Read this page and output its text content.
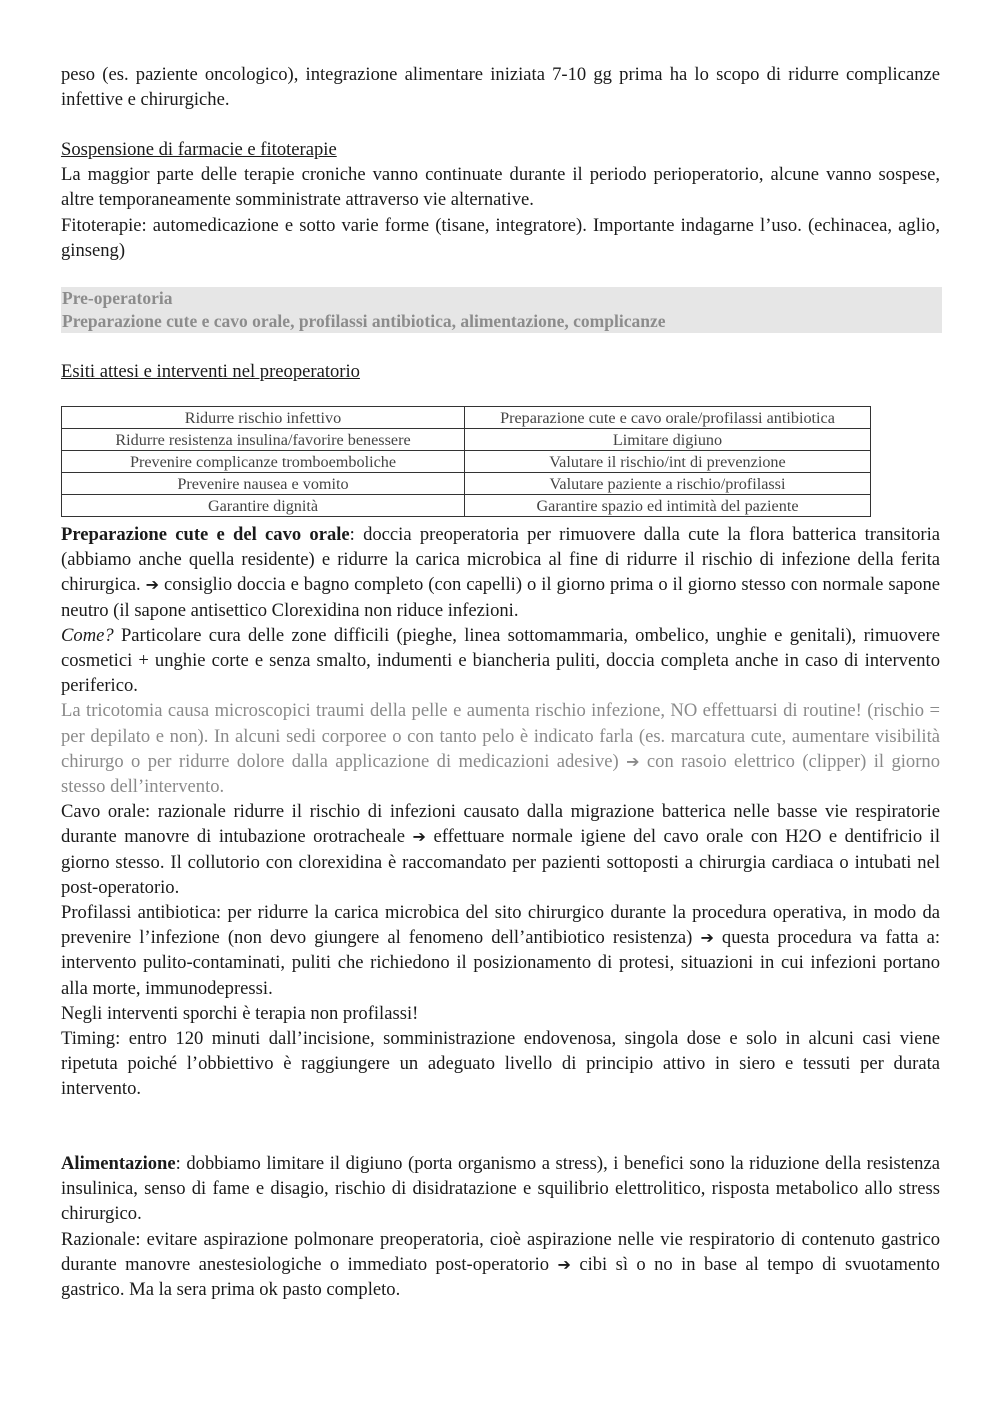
peso (es. paziente oncologico), integrazione alimentare iniziata 7-10 gg prima ha lo scopo di ridurre complicanze infettive e chirurgiche.

Sospensione di farmacie e fitoterapie

La maggior parte delle terapie croniche vanno continuate durante il periodo perioperatorio, alcune vanno sospese, altre temporaneamente somministrate attraverso vie alternative.

Fitoterapie: automedicazione e sotto varie forme (tisane, integratore). Importante indagarne l’uso. (echinacea, aglio, ginseng)

Pre-operatoria
Preparazione cute e cavo orale, profilassi antibiotica, alimentazione, complicanze

Esiti attesi e interventi nel preoperatorio

Ridurre rischio infettivo	Preparazione cute e cavo orale/profilassi antibiotica
Ridurre resistenza insulina/favorire benessere	Limitare digiuno
Prevenire complicanze tromboemboliche	Valutare il rischio/int di prevenzione
Prevenire nausea e vomito	Valutare paziente a rischio/profilassi
Garantire dignità	Garantire spazio ed intimità del paziente

Preparazione cute e del cavo orale: doccia preoperatoria per rimuovere dalla cute la flora batterica transitoria (abbiamo anche quella residente) e ridurre la carica microbica al fine di ridurre il rischio di infezione della ferita chirurgica. ➔ consiglio doccia e bagno completo (con capelli) o il giorno prima o il giorno stesso con normale sapone neutro (il sapone antisettico Clorexidina non riduce infezioni.

Come? Particolare cura delle zone difficili (pieghe, linea sottomammaria, ombelico, unghie e genitali), rimuovere cosmetici + unghie corte e senza smalto, indumenti e biancheria puliti, doccia completa anche in caso di intervento periferico.

La tricotomia causa microscopici traumi della pelle e aumenta rischio infezione, NO effettuarsi di routine! (rischio = per depilato e non). In alcuni sedi corporee o con tanto pelo è indicato farla (es. marcatura cute, aumentare visibilità chirurgo o per ridurre dolore dalla applicazione di medicazioni adesive) ➔ con rasoio elettrico (clipper) il giorno stesso dell’intervento.

Cavo orale: razionale ridurre il rischio di infezioni causato dalla migrazione batterica nelle basse vie respiratorie durante manovre di intubazione orotracheale ➔ effettuare normale igiene del cavo orale con H2O e dentifricio il giorno stesso. Il collutorio con clorexidina è raccomandato per pazienti sottoposti a chirurgia cardiaca o intubati nel post-operatorio.

Profilassi antibiotica: per ridurre la carica microbica del sito chirurgico durante la procedura operativa, in modo da prevenire l’infezione (non devo giungere al fenomeno dell’antibiotico resistenza) ➔ questa procedura va fatta a: intervento pulito-contaminati, puliti che richiedono il posizionamento di protesi, situazioni in cui infezioni portano alla morte, immunodepressi.

Negli interventi sporchi è terapia non profilassi!

Timing: entro 120 minuti dall’incisione, somministrazione endovenosa, singola dose e solo in alcuni casi viene ripetuta poiché l’obbiettivo è raggiungere un adeguato livello di principio attivo in siero e tessuti per durata intervento.

Alimentazione: dobbiamo limitare il digiuno (porta organismo a stress), i benefici sono la riduzione della resistenza insulinica, senso di fame e disagio, rischio di disidratazione e squilibrio elettrolitico, risposta metabolico allo stress chirurgico.

Razionale: evitare aspirazione polmonare preoperatoria, cioè aspirazione nelle vie respiratorio di contenuto gastrico durante manovre anestesiologiche o immediato post-operatorio ➔ cibi sì o no in base al tempo di svuotamento gastrico. Ma la sera prima ok pasto completo.
